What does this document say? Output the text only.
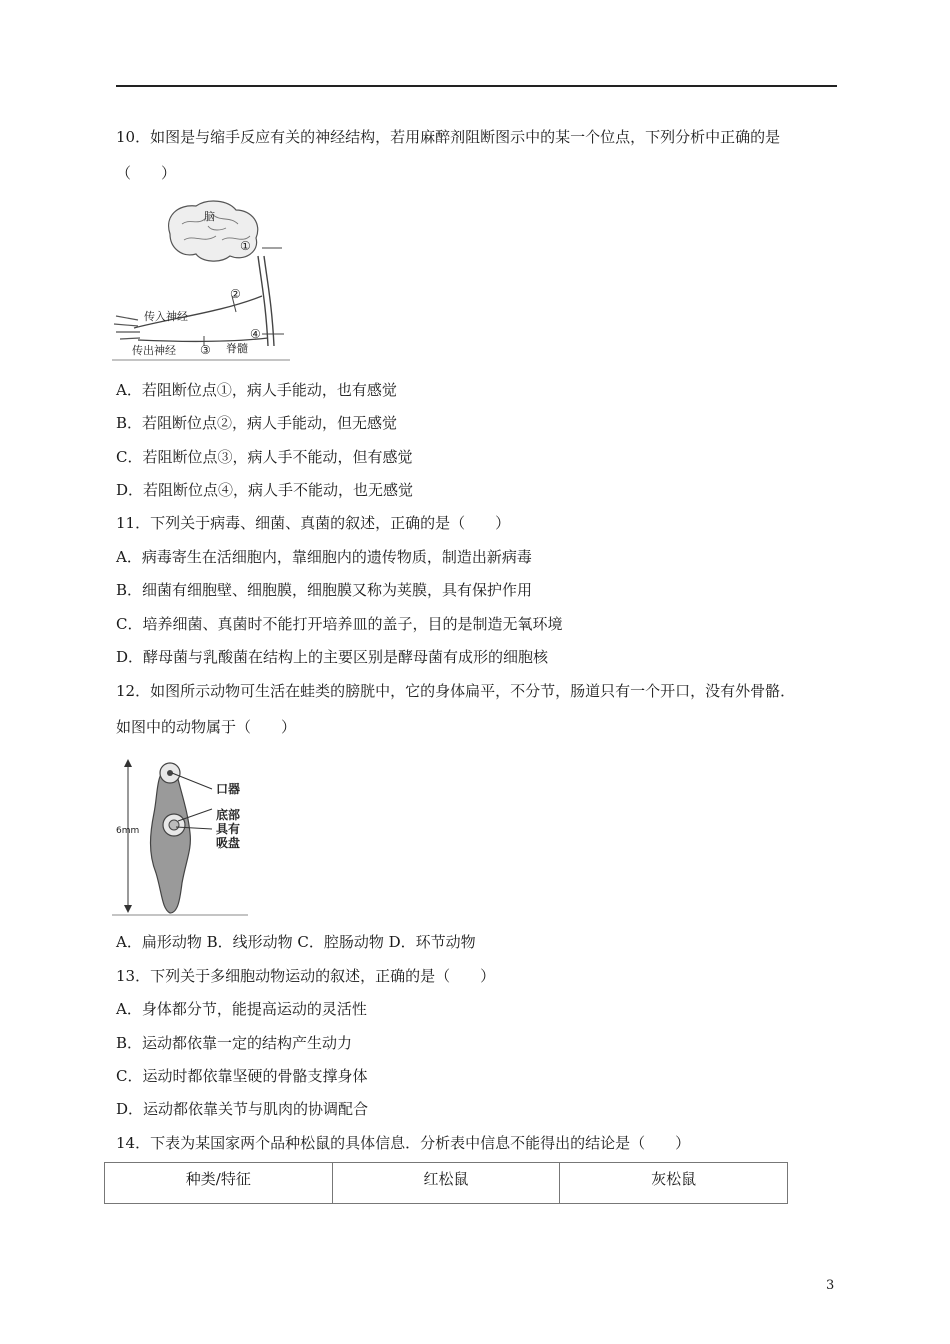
10．如图是与缩手反应有关的神经结构，若用麻醉剂阻断图示中的某一个位点，下列分析中正确的是
（　　）
脑
①
②
④
③
传入神经
传出神经	脊髓
A．若阻断位点①，病人手能动，也有感觉
B．若阻断位点②，病人手能动，但无感觉
C．若阻断位点③，病人手不能动，但有感觉
D．若阻断位点④，病人手不能动，也无感觉
11．下列关于病毒、细菌、真菌的叙述，正确的是（　　）
A．病毒寄生在活细胞内，靠细胞内的遗传物质，制造出新病毒
B．细菌有细胞壁、细胞膜，细胞膜又称为荚膜，具有保护作用
C．培养细菌、真菌时不能打开培养皿的盖子，目的是制造无氧环境
D．酵母菌与乳酸菌在结构上的主要区别是酵母菌有成形的细胞核
12．如图所示动物可生活在蛙类的膀胱中，它的身体扁平，不分节，肠道只有一个开口，没有外骨骼．
如图中的动物属于（　　）
6mm
口器
底部
具有
吸盘
A．扁形动物 B．线形动物 C．腔肠动物 D．环节动物
13．下列关于多细胞动物运动的叙述，正确的是（　　）
A．身体都分节，能提高运动的灵活性
B．运动都依靠一定的结构产生动力
C．运动时都依靠坚硬的骨骼支撑身体
D．运动都依靠关节与肌肉的协调配合
14．下表为某国家两个品种松鼠的具体信息．分析表中信息不能得出的结论是（　　）
种类/特征	红松鼠	灰松鼠
3
